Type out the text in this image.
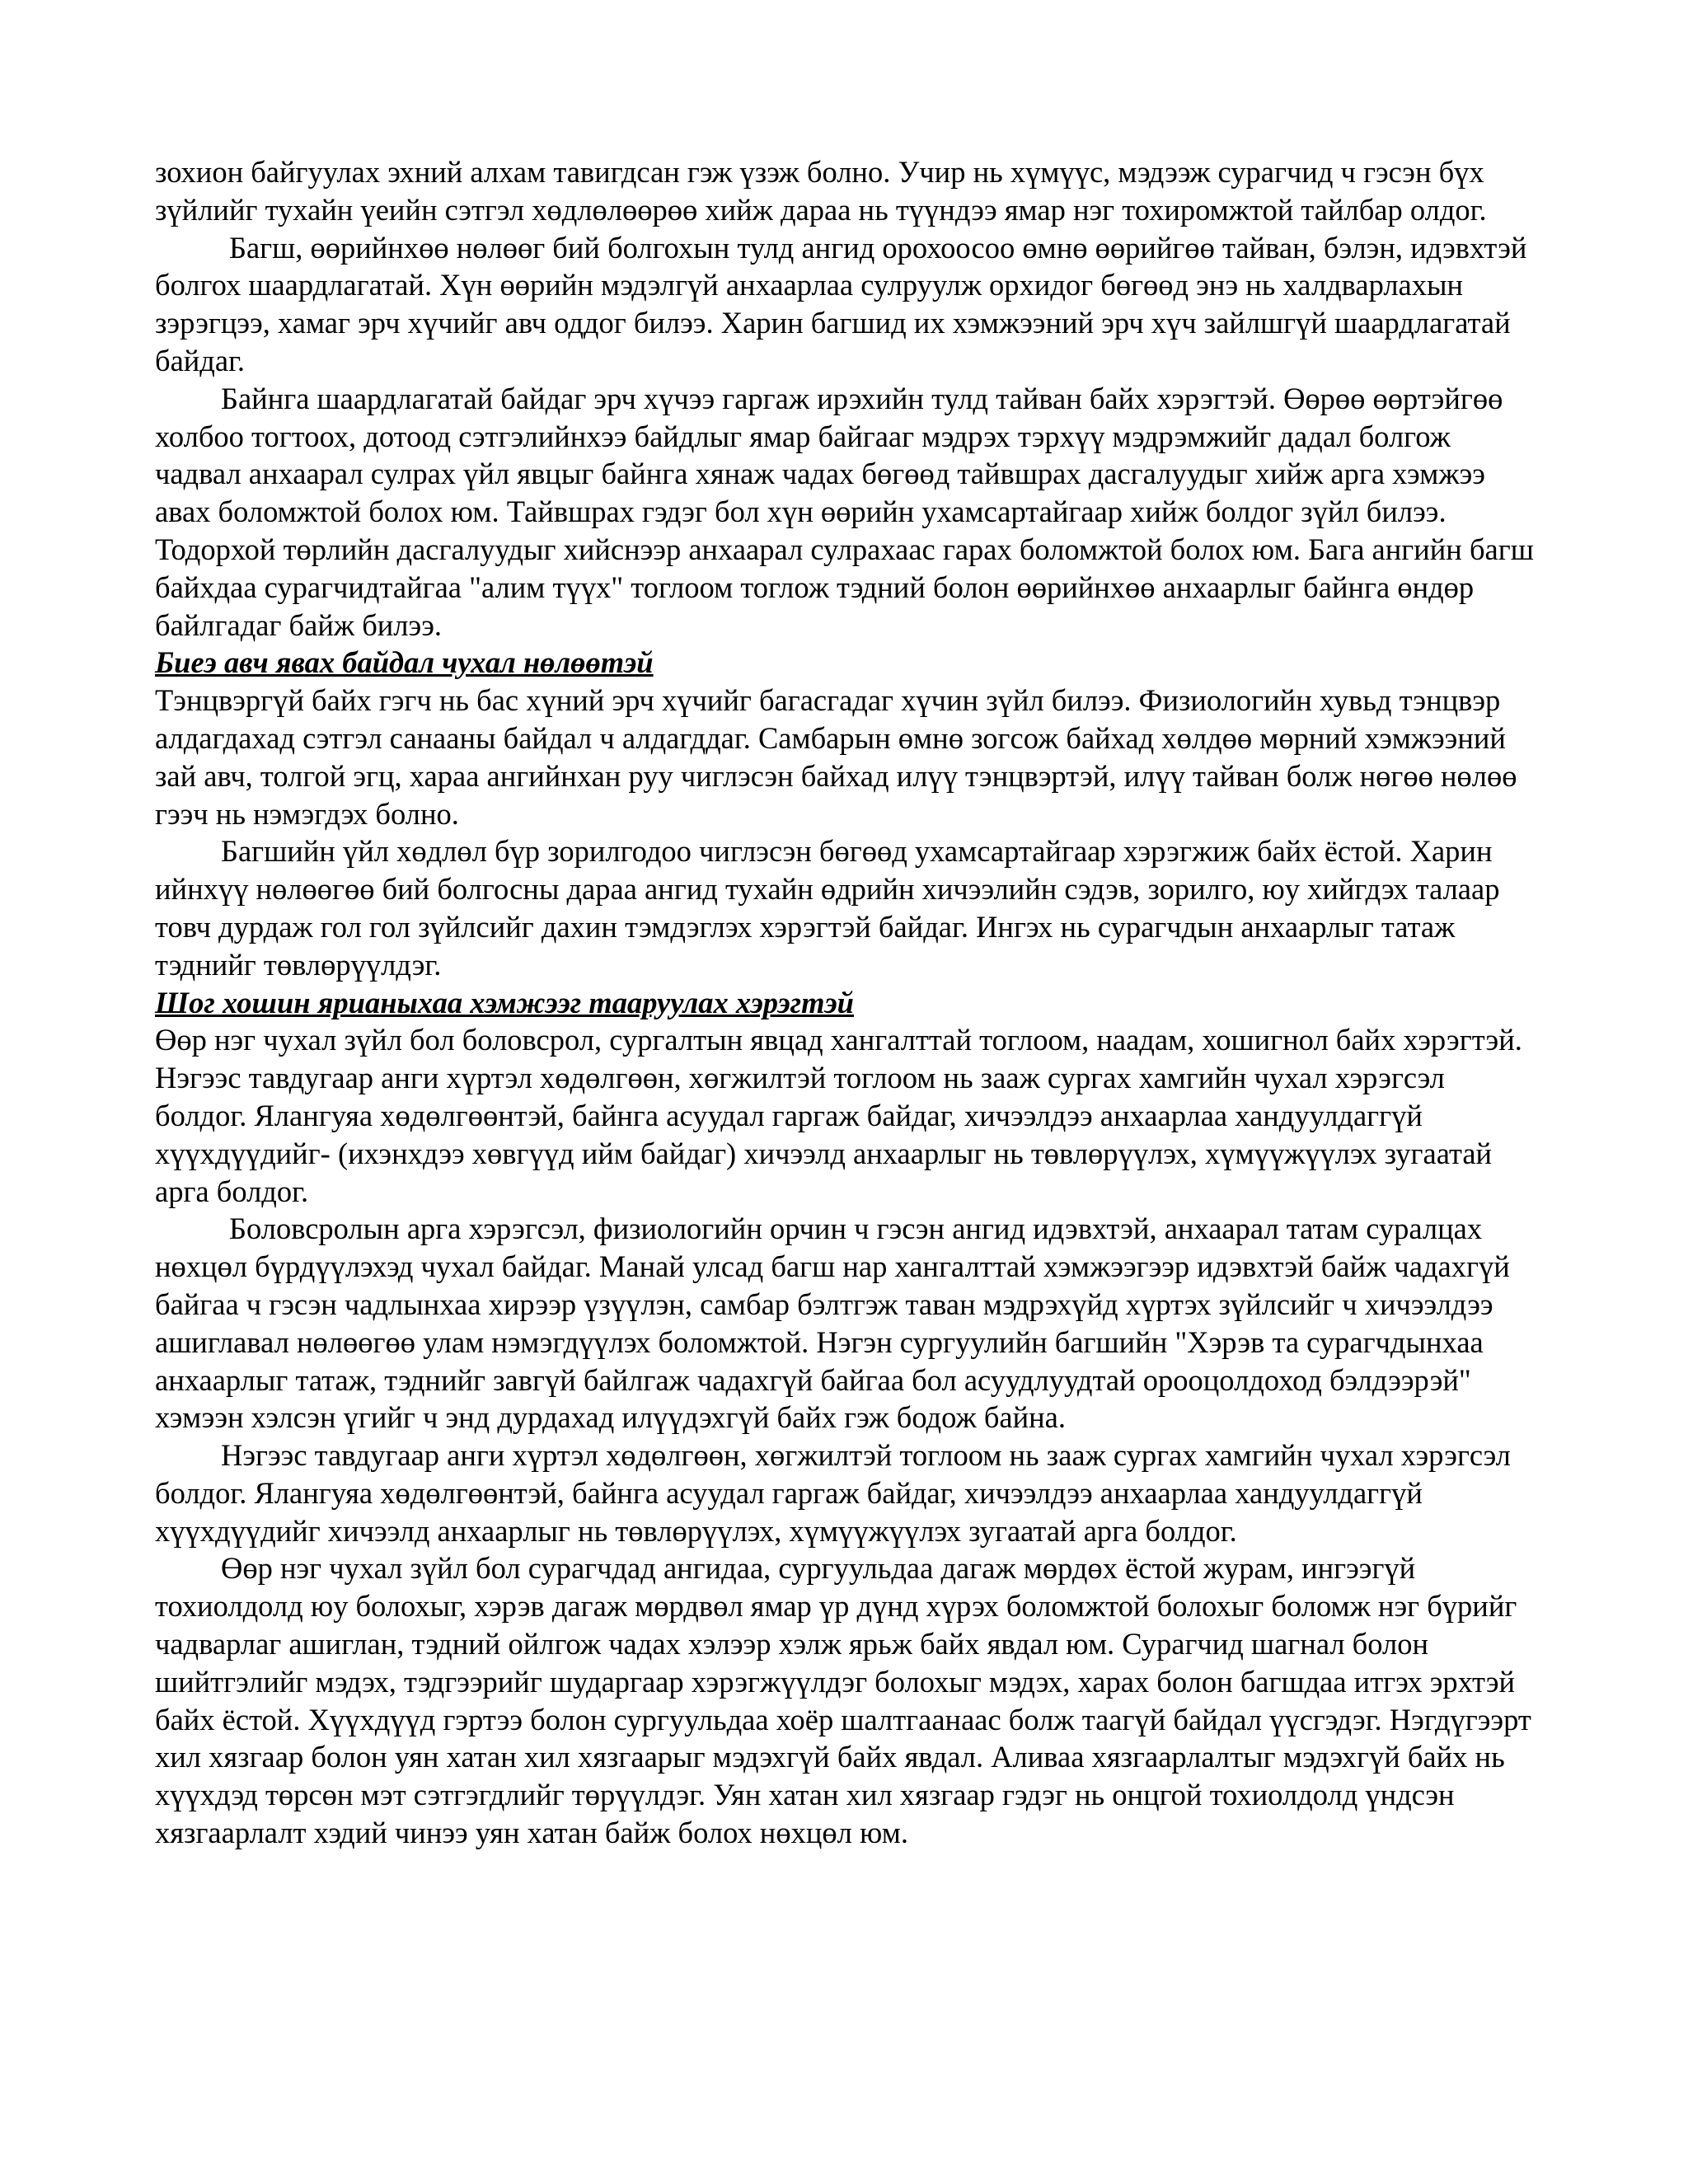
зохион байгуулах эхний алхам тавигдсан гэж үзэж болно. Учир нь хүмүүс, мэдээж сурагчид ч гэсэн бүх зүйлийг тухайн үеийн сэтгэл хөдлөлөөрөө хийж дараа нь түүндээ ямар нэг тохиромжтой тайлбар олдог.

Багш, өөрийнхөө нөлөөг бий болгохын тулд ангид орохоосоо өмнө өөрийгөө тайван, бэлэн, идэвхтэй болгох шаардлагатай. Хүн өөрийн мэдэлгүй анхаарлаа сулруулж орхидог бөгөөд энэ нь халдварлахын зэрэгцээ, хамаг эрч хүчийг авч оддог билээ. Харин багшид их хэмжээний эрч хүч зайлшгүй шаардлагатай байдаг.

Байнга шаардлагатай байдаг эрч хүчээ гаргаж ирэхийн тулд тайван байх хэрэгтэй. Өөрөө өөртэйгөө холбоо тогтоох, дотоод сэтгэлийнхээ байдлыг ямар байгааг мэдрэх тэрхүү мэдрэмжийг дадал болгож чадвал анхаарал сулрах үйл явцыг байнга хянаж чадах бөгөөд тайвшрах дасгалуудыг хийж арга хэмжээ авах боломжтой болох юм. Тайвшрах гэдэг бол хүн өөрийн ухамсартайгаар хийж болдог зүйл билээ. Тодорхой төрлийн дасгалуудыг хийснээр анхаарал сулрахаас гарах боломжтой болох юм. Бага ангийн багш байхдаа сурагчидтайгаа "алим түүх" тоглоом тоглож тэдний болон өөрийнхөө анхаарлыг байнга өндөр байлгадаг байж билээ.

Биеэ авч явах байдал чухал нөлөөтэй

Тэнцвэргүй байх гэгч нь бас хүний эрч хүчийг багасгадаг хүчин зүйл билээ. Физиологийн хувьд тэнцвэр алдагдахад сэтгэл санааны байдал ч алдагддаг. Самбарын өмнө зогсож байхад хөлдөө мөрний хэмжээний зай авч, толгой эгц, хараа ангийнхан руу чиглэсэн байхад илүү тэнцвэртэй, илүү тайван болж нөгөө нөлөө гээч нь нэмэгдэх болно.

Багшийн үйл хөдлөл бүр зорилгодоо чиглэсэн бөгөөд ухамсартайгаар хэрэгжиж байх ёстой. Харин ийнхүү нөлөөгөө бий болгосны дараа ангид тухайн өдрийн хичээлийн сэдэв, зорилго, юу хийгдэх талаар товч дурдаж гол гол зүйлсийг дахин тэмдэглэх хэрэгтэй байдаг. Ингэх нь сурагчдын анхаарлыг татаж тэднийг төвлөрүүлдэг.

Шог хошин ярианыхаа хэмжээг тааруулах хэрэгтэй

Өөр нэг чухал зүйл бол боловсрол, сургалтын явцад хангалттай тоглоом, наадам, хошигнол байх хэрэгтэй. Нэгээс тавдугаар анги хүртэл хөдөлгөөн, хөгжилтэй тоглоом нь зааж сургах хамгийн чухал хэрэгсэл болдог. Ялангуяа хөдөлгөөнтэй, байнга асуудал гаргаж байдаг, хичээлдээ анхаарлаа хандуулдаггүй хүүхдүүдийг- (ихэнхдээ хөвгүүд ийм байдаг) хичээлд анхаарлыг нь төвлөрүүлэх, хүмүүжүүлэх зугаатай арга болдог.

Боловсролын арга хэрэгсэл, физиологийн орчин ч гэсэн ангид идэвхтэй, анхаарал татам суралцах нөхцөл бүрдүүлэхэд чухал байдаг. Манай улсад багш нар хангалттай хэмжээгээр идэвхтэй байж чадахгүй байгаа ч гэсэн чадлынхаа хирээр үзүүлэн, самбар бэлтгэж таван мэдрэхүйд хүртэх зүйлсийг ч хичээлдээ ашиглавал нөлөөгөө улам нэмэгдүүлэх боломжтой. Нэгэн сургуулийн багшийн "Хэрэв та сурагчдынхаа анхаарлыг татаж, тэднийг завгүй байлгаж чадахгүй байгаа бол асуудлуудтай орооцолдоход бэлдээрэй" хэмээн хэлсэн үгийг ч энд дурдахад илүүдэхгүй байх гэж бодож байна.

Нэгээс тавдугаар анги хүртэл хөдөлгөөн, хөгжилтэй тоглоом нь зааж сургах хамгийн чухал хэрэгсэл болдог. Ялангуяа хөдөлгөөнтэй, байнга асуудал гаргаж байдаг, хичээлдээ анхаарлаа хандуулдаггүй хүүхдүүдийг хичээлд анхаарлыг нь төвлөрүүлэх, хүмүүжүүлэх зугаатай арга болдог.

Өөр нэг чухал зүйл бол сурагчдад ангидаа, сургуульдаа дагаж мөрдөх ёстой журам, ингээгүй тохиолдолд юу болохыг, хэрэв дагаж мөрдвөл ямар үр дүнд хүрэх боломжтой болохыг боломж нэг бүрийг чадварлаг ашиглан, тэдний ойлгож чадах хэлээр хэлж ярьж байх явдал юм. Сурагчид шагнал болон шийтгэлийг мэдэх, тэдгээрийг шударгаар хэрэгжүүлдэг болохыг мэдэх, харах болон багшдаа итгэх эрхтэй байх ёстой. Хүүхдүүд гэртээ болон сургуульдаа хоёр шалтгаанаас болж таагүй байдал үүсгэдэг. Нэгдүгээрт хил хязгаар болон уян хатан хил хязгаарыг мэдэхгүй байх явдал. Аливаа хязгаарлалтыг мэдэхгүй байх нь хүүхдэд төрсөн мэт сэтгэгдлийг төрүүлдэг. Уян хатан хил хязгаар гэдэг нь онцгой тохиолдолд үндсэн хязгаарлалт хэдий чинээ уян хатан байж болох нөхцөл юм.
